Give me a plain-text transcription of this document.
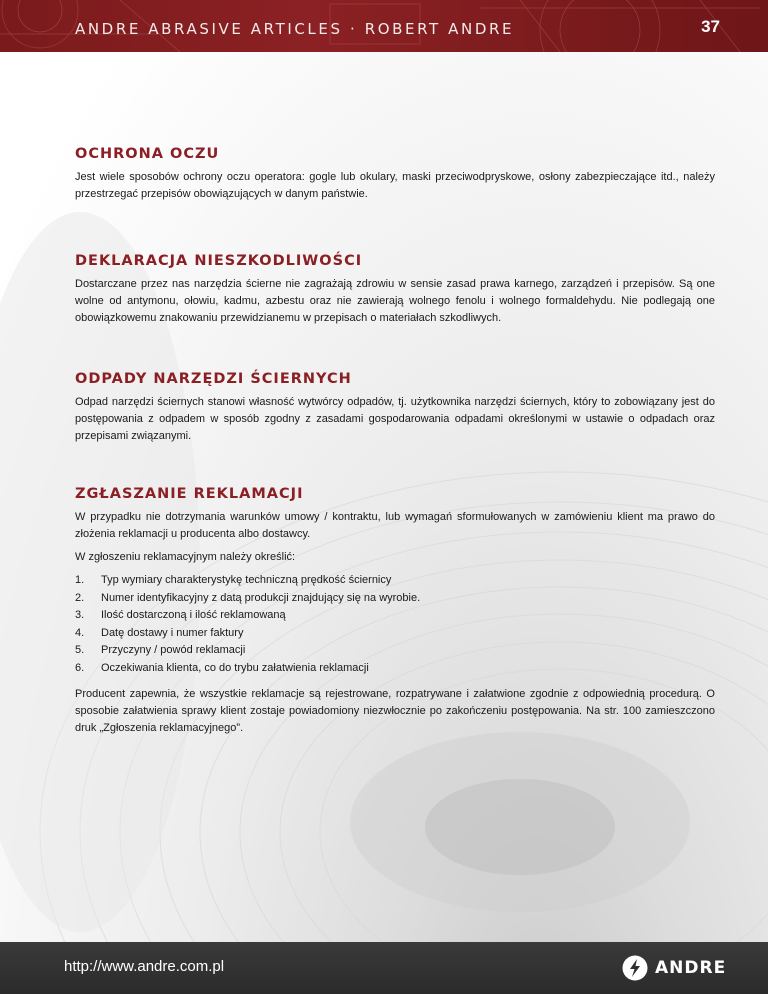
ANDRE ABRASIVE ARTICLES · ROBERT ANDRE	37
OCHRONA OCZU

Jest wiele sposobów ochrony oczu operatora: gogle lub okulary, maski przeciwodpryskowe, osłony zabezpieczające itd., należy przestrzegać przepisów obowiązujących w danym państwie.

DEKLARACJA NIESZKODLIWOŚCI

Dostarczane przez nas narzędzia ścierne nie zagrażają zdrowiu w sensie zasad prawa karnego, zarządzeń i przepisów. Są one wolne od antymonu, ołowiu, kadmu, azbestu oraz nie zawierają wolnego fenolu i wolnego formaldehydu. Nie podlegają one obowiązkowemu znakowaniu przewidzianemu w przepisach o materiałach szkodliwych.

ODPADY NARZĘDZI ŚCIERNYCH

Odpad narzędzi ściernych stanowi własność wytwórcy odpadów, tj. użytkownika narzędzi ściernych, który to zobowiązany jest do postępowania z odpadem w sposób zgodny z zasadami gospodarowania odpadami określonymi w ustawie o odpadach oraz przepisami związanymi.

ZGŁASZANIE REKLAMACJI

W przypadku nie dotrzymania warunków umowy / kontraktu, lub wymagań sformułowanych w zamówieniu klient ma prawo do złożenia reklamacji u producenta albo dostawcy.

W zgłoszeniu reklamacyjnym należy określić:

1.	Typ wymiary charakterystykę techniczną prędkość ściernicy
2.	Numer identyfikacyjny z datą produkcji znajdujący się na wyrobie.
3.	Ilość dostarczoną i ilość reklamowaną
4.	Datę dostawy i numer faktury
5.	Przyczyny / powód reklamacji
6.	Oczekiwania klienta, co do trybu załatwienia reklamacji

Producent zapewnia, że wszystkie reklamacje są rejestrowane, rozpatrywane i załatwione zgodnie z odpowiednią procedurą. O sposobie załatwienia sprawy klient zostaje powiadomiony niezwłocznie po zakończeniu postępowania. Na str. 100 zamieszczono druk „Zgłoszenia reklamacyjnego”.

http://www.andre.com.pl	ANDRE
